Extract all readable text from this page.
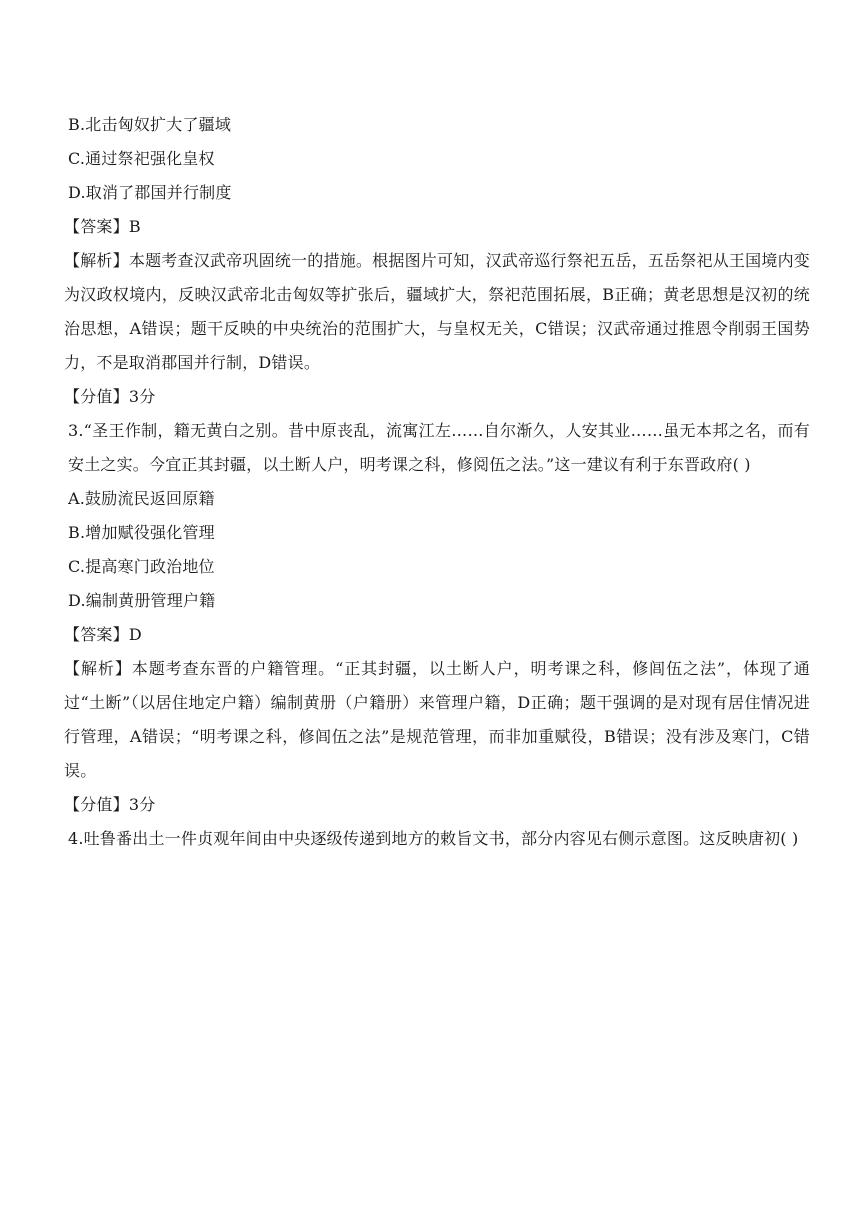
B.北击匈奴扩大了疆域
C.通过祭祀强化皇权
D.取消了郡国并行制度
【答案】B
【解析】本题考查汉武帝巩固统一的措施。根据图片可知，汉武帝巡行祭祀五岳，五岳祭祀从王国境内变为汉政权境内，反映汉武帝北击匈奴等扩张后，疆域扩大，祭祀范围拓展，B正确；黄老思想是汉初的统治思想，A错误；题干反映的中央统治的范围扩大，与皇权无关，C错误；汉武帝通过推恩令削弱王国势力，不是取消郡国并行制，D错误。
【分值】3分
3.“圣王作制，籍无黄白之别。昔中原丧乱，流寓江左……自尔渐久，人安其业……虽无本邦之名，而有安土之实。今宜正其封疆，以土断人户，明考课之科，修阅伍之法。”这一建议有利于东晋政府( )
A.鼓励流民返回原籍
B.增加赋役强化管理
C.提高寒门政治地位
D.编制黄册管理户籍
【答案】D
【解析】本题考查东晋的户籍管理。“正其封疆，以土断人户，明考课之科，修闾伍之法”，体现了通过“土断”（以居住地定户籍）编制黄册（户籍册）来管理户籍，D正确；题干强调的是对现有居住情况进行管理，A错误；“明考课之科，修闾伍之法”是规范管理，而非加重赋役，B错误；没有涉及寒门，C错误。
【分值】3分
4.吐鲁番出土一件贞观年间由中央逐级传递到地方的敕旨文书，部分内容见右侧示意图。这反映唐初( )
